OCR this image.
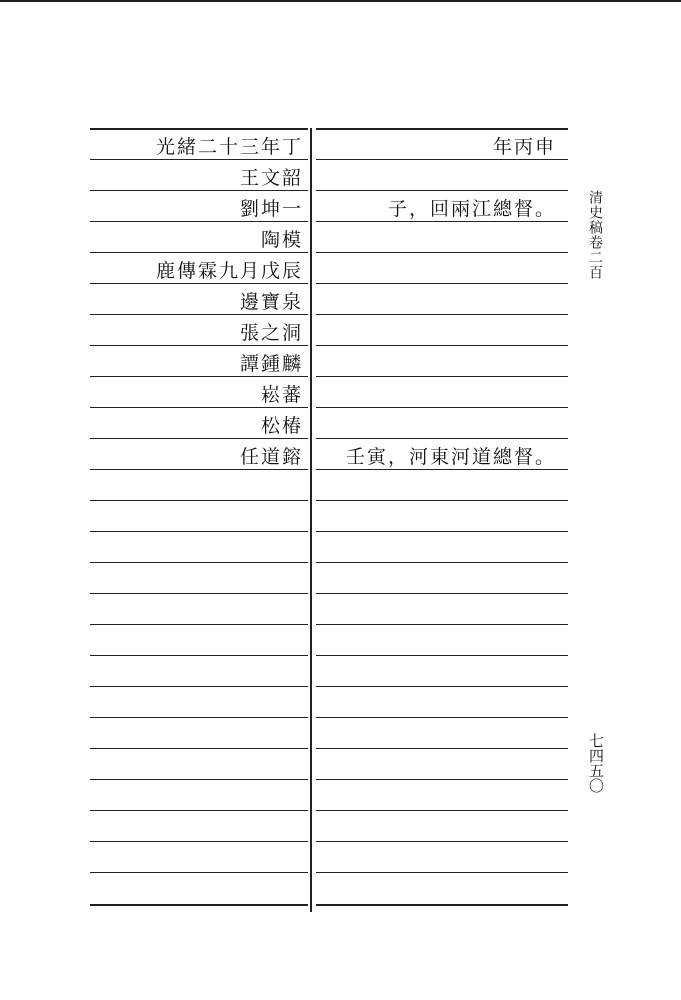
光緒二十三年丁	年丙申
王文韶
劉坤一	子，回兩江總督。
陶模
鹿傳霖九月戊辰
邊寶泉
張之洞
譚鍾麟
崧蕃
松椿
任道鎔 壬寅，河東河道總督。
清史稿卷二百
七四五〇
